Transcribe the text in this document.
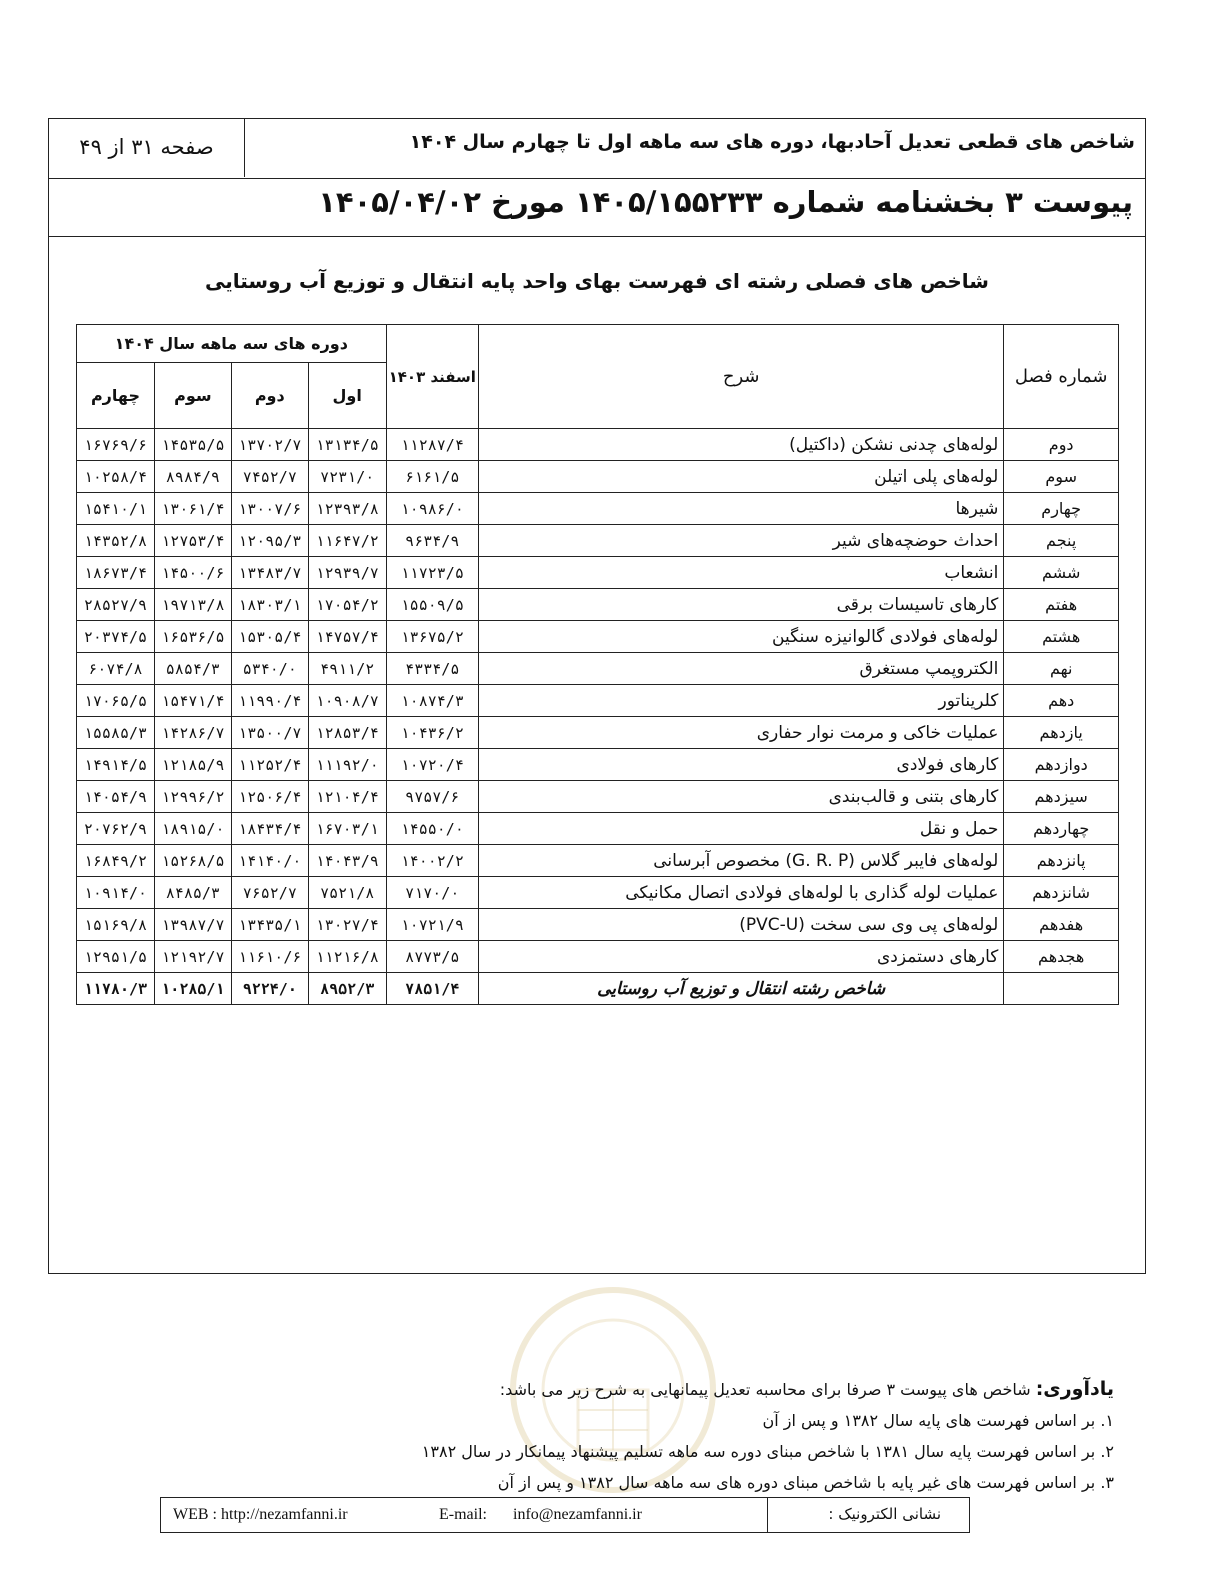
شاخص های قطعی تعدیل آحادبها، دوره های سه ماهه اول تا چهارم سال ۱۴۰۴
صفحه ۳۱ از ۴۹
پیوست ۳ بخشنامه شماره ۱۴۰۵/۱۵۵۲۳۳ مورخ ۱۴۰۵/۰۴/۰۲
شاخص های فصلی رشته ای فهرست بهای واحد پایه انتقال و توزیع آب روستایی
شماره فصل	شرح	اسفند ۱۴۰۳	دوره های سه ماهه سال ۱۴۰۴			
			اول	دوم	سوم	چهارم
دوم	لوله‌های چدنی نشکن (داکتیل)	۱۱۲۸۷/۴	۱۳۱۳۴/۵	۱۳۷۰۲/۷	۱۴۵۳۵/۵	۱۶۷۶۹/۶
سوم	لوله‌های پلی اتیلن	۶۱۶۱/۵	۷۲۳۱/۰	۷۴۵۲/۷	۸۹۸۴/۹	۱۰۲۵۸/۴
چهارم	شیرها	۱۰۹۸۶/۰	۱۲۳۹۳/۸	۱۳۰۰۷/۶	۱۳۰۶۱/۴	۱۵۴۱۰/۱
پنجم	احداث حوضچه‌های شیر	۹۶۳۴/۹	۱۱۶۴۷/۲	۱۲۰۹۵/۳	۱۲۷۵۳/۴	۱۴۳۵۲/۸
ششم	انشعاب	۱۱۷۲۳/۵	۱۲۹۳۹/۷	۱۳۴۸۳/۷	۱۴۵۰۰/۶	۱۸۶۷۳/۴
هفتم	کارهای تاسیسات برقی	۱۵۵۰۹/۵	۱۷۰۵۴/۲	۱۸۳۰۳/۱	۱۹۷۱۳/۸	۲۸۵۲۷/۹
هشتم	لوله‌های فولادی گالوانیزه سنگین	۱۳۶۷۵/۲	۱۴۷۵۷/۴	۱۵۳۰۵/۴	۱۶۵۳۶/۵	۲۰۳۷۴/۵
نهم	الکتروپمپ مستغرق	۴۳۳۴/۵	۴۹۱۱/۲	۵۳۴۰/۰	۵۸۵۴/۳	۶۰۷۴/۸
دهم	کلریناتور	۱۰۸۷۴/۳	۱۰۹۰۸/۷	۱۱۹۹۰/۴	۱۵۴۷۱/۴	۱۷۰۶۵/۵
یازدهم	عملیات خاکی و مرمت نوار حفاری	۱۰۴۳۶/۲	۱۲۸۵۳/۴	۱۳۵۰۰/۷	۱۴۲۸۶/۷	۱۵۵۸۵/۳
دوازدهم	کارهای فولادی	۱۰۷۲۰/۴	۱۱۱۹۲/۰	۱۱۲۵۲/۴	۱۲۱۸۵/۹	۱۴۹۱۴/۵
سیزدهم	کارهای بتنی و قالب‌بندی	۹۷۵۷/۶	۱۲۱۰۴/۴	۱۲۵۰۶/۴	۱۲۹۹۶/۲	۱۴۰۵۴/۹
چهاردهم	حمل و نقل	۱۴۵۵۰/۰	۱۶۷۰۳/۱	۱۸۴۳۴/۴	۱۸۹۱۵/۰	۲۰۷۶۲/۹
پانزدهم	لوله‌های فایبر گلاس (G. R. P) مخصوص آبرسانی	۱۴۰۰۲/۲	۱۴۰۴۳/۹	۱۴۱۴۰/۰	۱۵۲۶۸/۵	۱۶۸۴۹/۲
شانزدهم	عملیات لوله گذاری با لوله‌های فولادی اتصال مکانیکی	۷۱۷۰/۰	۷۵۲۱/۸	۷۶۵۲/۷	۸۴۸۵/۳	۱۰۹۱۴/۰
هفدهم	لوله‌های پی وی سی سخت (PVC-U)	۱۰۷۲۱/۹	۱۳۰۲۷/۴	۱۳۴۳۵/۱	۱۳۹۸۷/۷	۱۵۱۶۹/۸
هجدهم	کارهای دستمزدی	۸۷۷۳/۵	۱۱۲۱۶/۸	۱۱۶۱۰/۶	۱۲۱۹۲/۷	۱۲۹۵۱/۵
	شاخص رشته انتقال و توزیع آب روستایی	۷۸۵۱/۴	۸۹۵۲/۳	۹۲۲۴/۰	۱۰۲۸۵/۱	۱۱۷۸۰/۳
یادآوری: شاخص های پیوست ۳ صرفا برای محاسبه تعدیل پیمانهایی به شرح زیر می باشد:
۱. بر اساس فهرست های پایه سال ۱۳۸۲ و پس از آن
۲. بر اساس فهرست پایه سال ۱۳۸۱ با شاخص مبنای دوره سه ماهه تسلیم پیشنهاد پیمانکار در سال ۱۳۸۲
۳. بر اساس فهرست های غیر پایه با شاخص مبنای دوره های سه ماهه سال ۱۳۸۲ و پس از آن
WEB : http://nezamfanni.ir	E-mail: info@nezamfanni.ir	نشانی الکترونیک :
